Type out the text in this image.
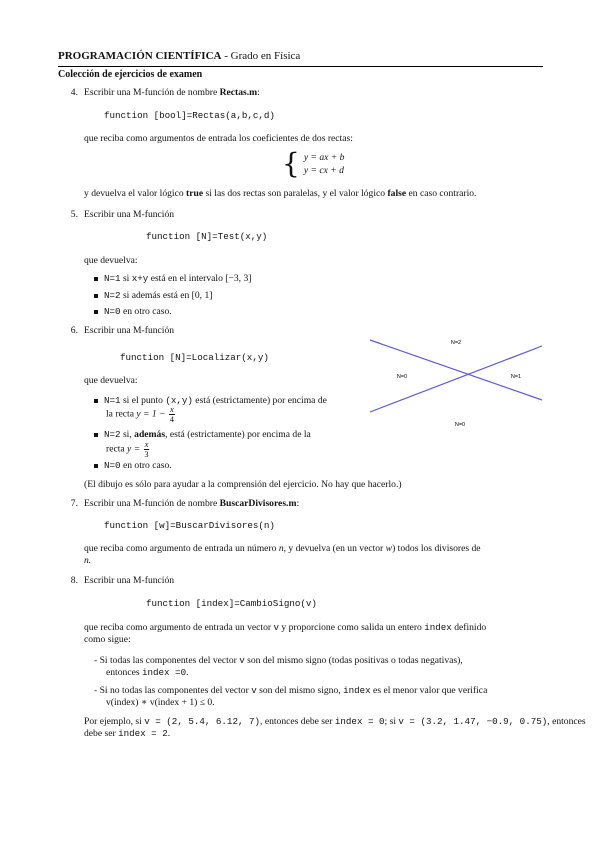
PROGRAMACIÓN CIENTÍFICA - Grado en Física
Colección de ejercicios de examen
4. Escribir una M-función de nombre Rectas.m:
function [bool]=Rectas(a,b,c,d)
que reciba como argumentos de entrada los coeficientes de dos rectas:
{ y = ax + b
y = cx + d
y devuelva el valor lógico true si las dos rectas son paralelas, y el valor lógico false en caso contrario.
5. Escribir una M-función
function [N]=Test(x,y)
que devuelva:
N=1 si x+y está en el intervalo [−3, 3]
N=2 si además está en [0, 1]
N=0 en otro caso.
6. Escribir una M-función
function [N]=Localizar(x,y)
que devuelva:
N=1 si el punto (x,y) está (estrictamente) por encima de
la recta $y = 1 - \frac{x}{4}$
N=2 si, además, está (estrictamente) por encima de la
recta $y = \frac{x}{3}$
N=0 en otro caso.
(El dibujo es sólo para ayudar a la comprensión del ejercicio. No hay que hacerlo.)
N=2
N=0	N=1
N=0
7. Escribir una M-función de nombre BuscarDivisores.m:
function [w]=BuscarDivisores(n)
que reciba como argumento de entrada un número n, y devuelva (en un vector w) todos los divisores de
n.
8. Escribir una M-función
function [index]=CambioSigno(v)
que reciba como argumento de entrada un vector v y proporcione como salida un entero index definido
como sigue:
- Si todas las componentes del vector v son del mismo signo (todas positivas o todas negativas),
entonces index =0.
- Si no todas las componentes del vector v son del mismo signo, index es el menor valor que verifica
v(index) ∗ v(index + 1) ≤ 0.
Por ejemplo, si v = (2, 5.4, 6.12, 7), entonces debe ser index = 0; si v = (3.2, 1.47, −0.9, 0.75), entonces
debe ser index = 2.
